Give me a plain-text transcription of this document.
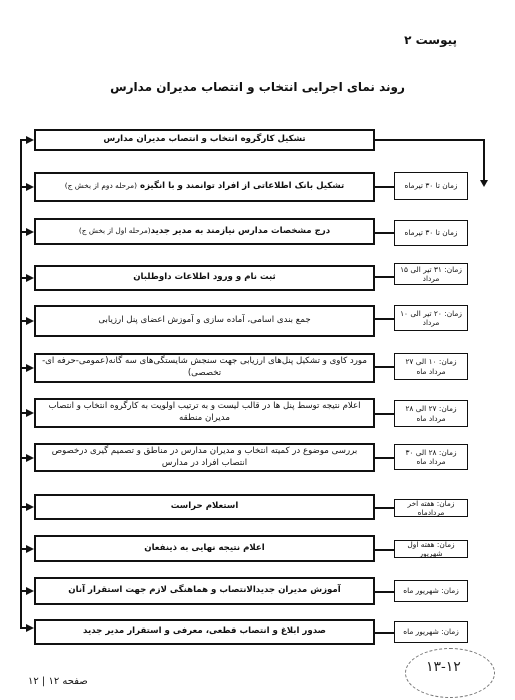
پیوست ۲
روند نمای اجرایی انتخاب و انتصاب مدیران مدارس
تشکیل کارگروه انتخاب و انتصاب مدیران مدارس
تشکیل بانک اطلاعاتی از افراد توانمند و با انگیزه (مرحله دوم از بخش ج)
درج مشخصات مدارس نیازمند به مدیر جدید(مرحله اول از بخش ج)
ثبت نام و ورود اطلاعات داوطلبان
جمع بندی اسامی، آماده سازی و آموزش اعضای پنل ارزیابی
مورد کاوی و تشکیل پنل‌های ارزیابی جهت سنجش شایستگی‌های سه گانه(عمومی-حرفه ای- تخصصی)
اعلام نتیجه توسط پنل ها در قالب لیست و به ترتیب اولویت به کارگروه انتخاب و انتصاب مدیران منطقه
بررسی موضوع در کمیته انتخاب و مدیران مدارس در مناطق و تصمیم گیری درخصوص انتصاب افراد در مدارس
استعلام حراست
اعلام نتیجه نهایی به ذینفعان
آموزش مدیران جدیدالانتصاب و هماهنگی لازم جهت استقرار آنان
صدور ابلاغ و انتصاب قطعی، معرفی و استقرار مدیر جدید
زمان تا ۳۰ تیرماه
زمان تا ۳۰ تیرماه
زمان: ۳۱ تیر الی ۱۵ مرداد
زمان: ۲۰ تیر الی ۱۰ مرداد
زمان: ۱۰ الی ۲۷ مرداد ماه
زمان: ۲۷ الی ۲۸ مرداد ماه
زمان: ۲۸ الی ۳۰ مرداد ماه
زمان: هفته آخر مردادماه
زمان: هفته اول شهریور
زمان: شهریور ماه
زمان: شهریور ماه
صفحه ۱۲ | ۱۲
۱۳-۱۲
